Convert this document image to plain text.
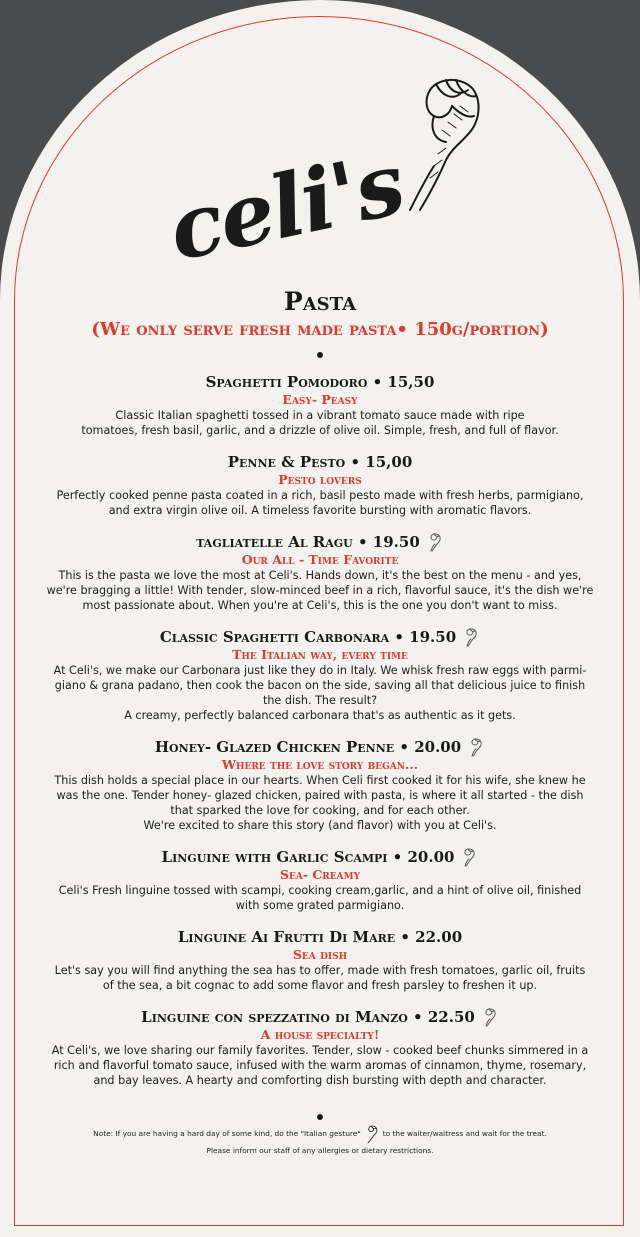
celi's
Pasta

(We only serve fresh made pasta• 150g/portion)

Spaghetti Pomodoro • 15,50
Easy- Peasy
Classic Italian spaghetti tossed in a vibrant tomato sauce made with ripe
tomatoes, fresh basil, garlic, and a drizzle of olive oil. Simple, fresh, and full of flavor.
Penne & Pesto • 15,00
Pesto lovers
Perfectly cooked penne pasta coated in a rich, basil pesto made with fresh herbs, parmigiano,
and extra virgin olive oil. A timeless favorite bursting with aromatic flavors.
tagliatelle Al Ragu • 19.50
Our All - Time Favorite
This is the pasta we love the most at Celi's. Hands down, it's the best on the menu - and yes,
we're bragging a little! With tender, slow-minced beef in a rich, flavorful sauce, it's the dish we're
most passionate about. When you're at Celi's, this is the one you don't want to miss.
Classic Spaghetti Carbonara • 19.50
The Italian way, every time
At Celi's, we make our Carbonara just like they do in Italy. We whisk fresh raw eggs with parmi-
giano & grana padano, then cook the bacon on the side, saving all that delicious juice to finish
the dish. The result?
A creamy, perfectly balanced carbonara that's as authentic as it gets.
Honey- Glazed Chicken Penne • 20.00
Where the love story began...
This dish holds a special place in our hearts. When Celi first cooked it for his wife, she knew he
was the one. Tender honey- glazed chicken, paired with pasta, is where it all started - the dish
that sparked the love for cooking, and for each other.
We're excited to share this story (and flavor) with you at Celi's.
Linguine with Garlic Scampi • 20.00
Sea- Creamy
Celi's Fresh linguine tossed with scampi, cooking cream,garlic, and a hint of olive oil, finished
with some grated parmigiano.
Linguine Ai Frutti Di Mare • 22.00
Sea dish
Let's say you will find anything the sea has to offer, made with fresh tomatoes, garlic oil, fruits
of the sea, a bit cognac to add some flavor and fresh parsley to freshen it up.
Linguine con spezzatino di Manzo • 22.50
A house specialty!
At Celi's, we love sharing our family favorites. Tender, slow - cooked beef chunks simmered in a
rich and flavorful tomato sauce, infused with the warm aromas of cinnamon, thyme, rosemary,
and bay leaves. A hearty and comforting dish bursting with depth and character.
Note: If you are having a hard day of some kind, do the "Italian gesture"	to the waiter/waitress and wait for the treat.
Please inform our staff of any allergies or dietary restrictions.
